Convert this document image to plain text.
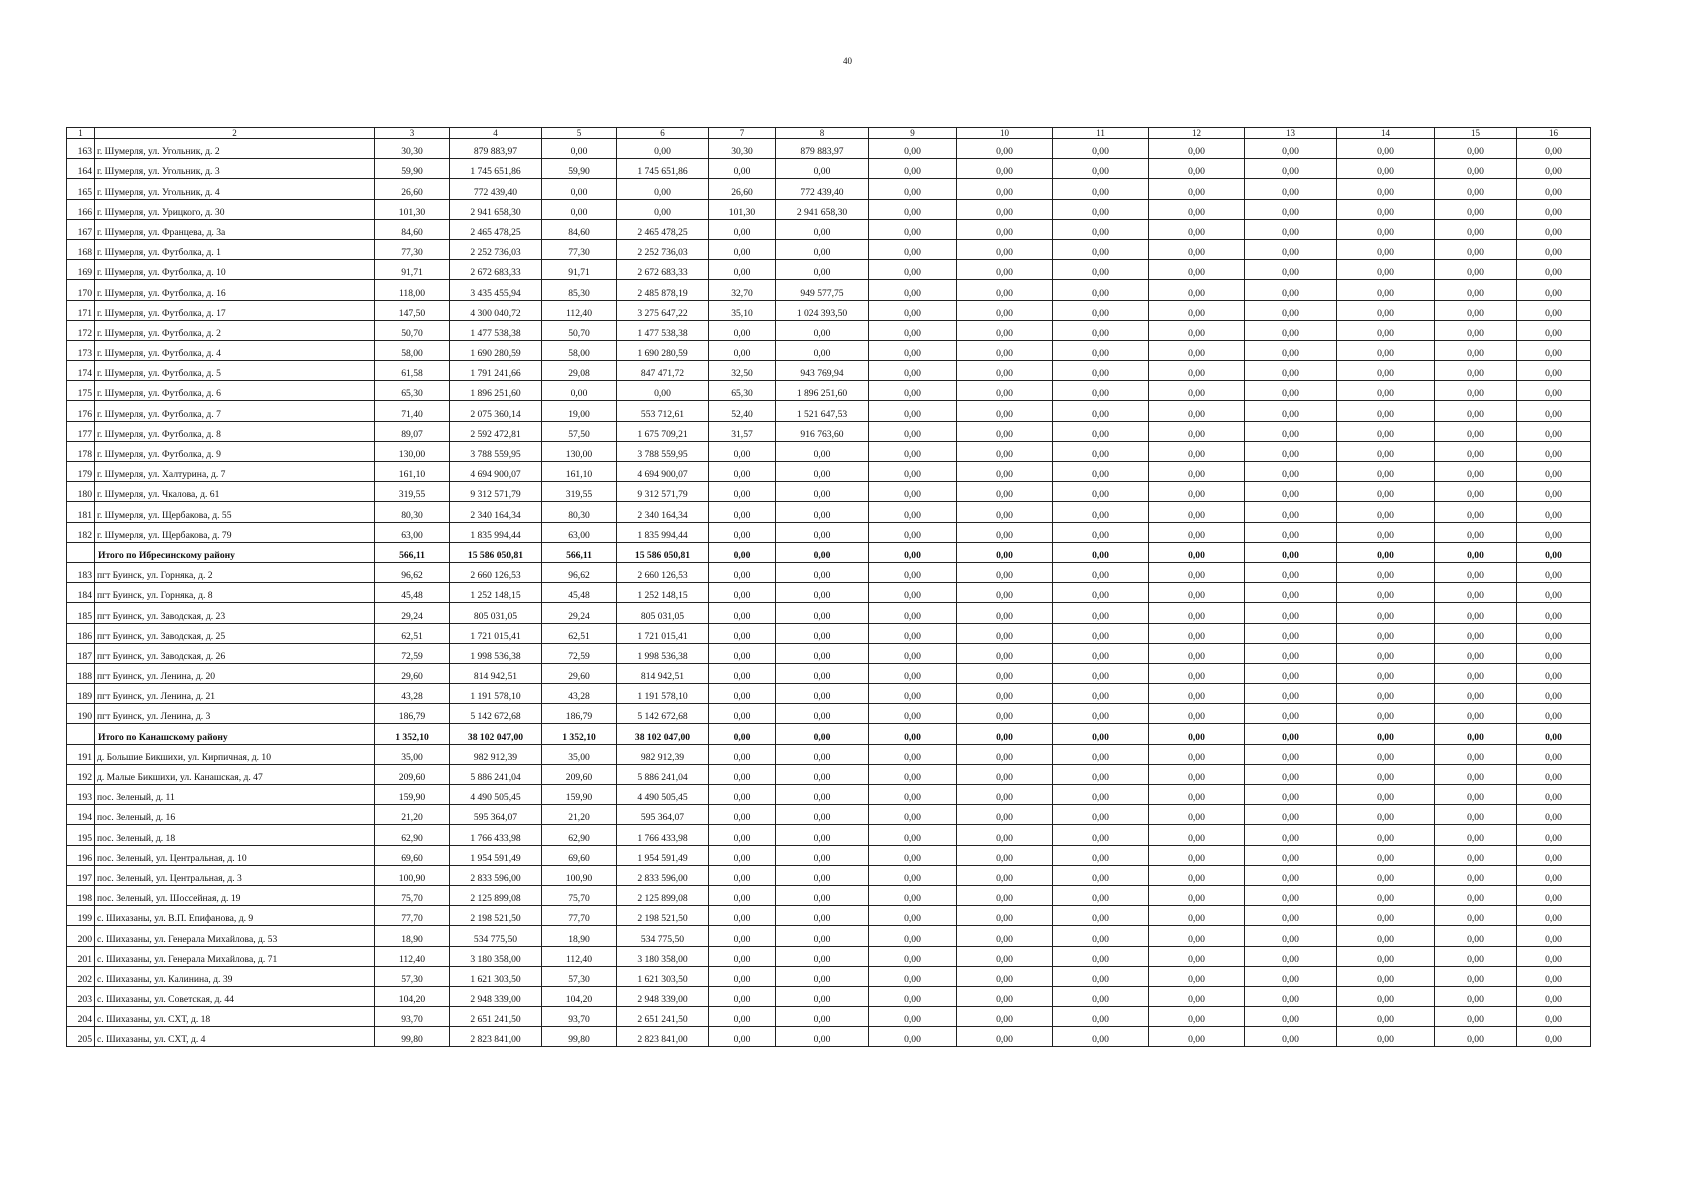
40
1	2	3	4	5	6	7	8	9	10	11	12	13	14	15	16
163	г. Шумерля, ул. Угольник, д. 2	30,30	879 883,97	0,00	0,00	30,30	879 883,97	0,00	0,00	0,00	0,00	0,00	0,00	0,00	0,00
164	г. Шумерля, ул. Угольник, д. 3	59,90	1 745 651,86	59,90	1 745 651,86	0,00	0,00	0,00	0,00	0,00	0,00	0,00	0,00	0,00	0,00
165	г. Шумерля, ул. Угольник, д. 4	26,60	772 439,40	0,00	0,00	26,60	772 439,40	0,00	0,00	0,00	0,00	0,00	0,00	0,00	0,00
166	г. Шумерля, ул. Урицкого, д. 30	101,30	2 941 658,30	0,00	0,00	101,30	2 941 658,30	0,00	0,00	0,00	0,00	0,00	0,00	0,00	0,00
167	г. Шумерля, ул. Францева, д. 3а	84,60	2 465 478,25	84,60	2 465 478,25	0,00	0,00	0,00	0,00	0,00	0,00	0,00	0,00	0,00	0,00
168	г. Шумерля, ул. Футболка, д. 1	77,30	2 252 736,03	77,30	2 252 736,03	0,00	0,00	0,00	0,00	0,00	0,00	0,00	0,00	0,00	0,00
169	г. Шумерля, ул. Футболка, д. 10	91,71	2 672 683,33	91,71	2 672 683,33	0,00	0,00	0,00	0,00	0,00	0,00	0,00	0,00	0,00	0,00
170	г. Шумерля, ул. Футболка, д. 16	118,00	3 435 455,94	85,30	2 485 878,19	32,70	949 577,75	0,00	0,00	0,00	0,00	0,00	0,00	0,00	0,00
171	г. Шумерля, ул. Футболка, д. 17	147,50	4 300 040,72	112,40	3 275 647,22	35,10	1 024 393,50	0,00	0,00	0,00	0,00	0,00	0,00	0,00	0,00
172	г. Шумерля, ул. Футболка, д. 2	50,70	1 477 538,38	50,70	1 477 538,38	0,00	0,00	0,00	0,00	0,00	0,00	0,00	0,00	0,00	0,00
173	г. Шумерля, ул. Футболка, д. 4	58,00	1 690 280,59	58,00	1 690 280,59	0,00	0,00	0,00	0,00	0,00	0,00	0,00	0,00	0,00	0,00
174	г. Шумерля, ул. Футболка, д. 5	61,58	1 791 241,66	29,08	847 471,72	32,50	943 769,94	0,00	0,00	0,00	0,00	0,00	0,00	0,00	0,00
175	г. Шумерля, ул. Футболка, д. 6	65,30	1 896 251,60	0,00	0,00	65,30	1 896 251,60	0,00	0,00	0,00	0,00	0,00	0,00	0,00	0,00
176	г. Шумерля, ул. Футболка, д. 7	71,40	2 075 360,14	19,00	553 712,61	52,40	1 521 647,53	0,00	0,00	0,00	0,00	0,00	0,00	0,00	0,00
177	г. Шумерля, ул. Футболка, д. 8	89,07	2 592 472,81	57,50	1 675 709,21	31,57	916 763,60	0,00	0,00	0,00	0,00	0,00	0,00	0,00	0,00
178	г. Шумерля, ул. Футболка, д. 9	130,00	3 788 559,95	130,00	3 788 559,95	0,00	0,00	0,00	0,00	0,00	0,00	0,00	0,00	0,00	0,00
179	г. Шумерля, ул. Халтурина, д. 7	161,10	4 694 900,07	161,10	4 694 900,07	0,00	0,00	0,00	0,00	0,00	0,00	0,00	0,00	0,00	0,00
180	г. Шумерля, ул. Чкалова, д. 61	319,55	9 312 571,79	319,55	9 312 571,79	0,00	0,00	0,00	0,00	0,00	0,00	0,00	0,00	0,00	0,00
181	г. Шумерля, ул. Щербакова, д. 55	80,30	2 340 164,34	80,30	2 340 164,34	0,00	0,00	0,00	0,00	0,00	0,00	0,00	0,00	0,00	0,00
182	г. Шумерля, ул. Щербакова, д. 79	63,00	1 835 994,44	63,00	1 835 994,44	0,00	0,00	0,00	0,00	0,00	0,00	0,00	0,00	0,00	0,00
	Итого по Ибресинскому району	566,11	15 586 050,81	566,11	15 586 050,81	0,00	0,00	0,00	0,00	0,00	0,00	0,00	0,00	0,00	0,00
183	пгт Буинск, ул. Горняка, д. 2	96,62	2 660 126,53	96,62	2 660 126,53	0,00	0,00	0,00	0,00	0,00	0,00	0,00	0,00	0,00	0,00
184	пгт Буинск, ул. Горняка, д. 8	45,48	1 252 148,15	45,48	1 252 148,15	0,00	0,00	0,00	0,00	0,00	0,00	0,00	0,00	0,00	0,00
185	пгт Буинск, ул. Заводская, д. 23	29,24	805 031,05	29,24	805 031,05	0,00	0,00	0,00	0,00	0,00	0,00	0,00	0,00	0,00	0,00
186	пгт Буинск, ул. Заводская, д. 25	62,51	1 721 015,41	62,51	1 721 015,41	0,00	0,00	0,00	0,00	0,00	0,00	0,00	0,00	0,00	0,00
187	пгт Буинск, ул. Заводская, д. 26	72,59	1 998 536,38	72,59	1 998 536,38	0,00	0,00	0,00	0,00	0,00	0,00	0,00	0,00	0,00	0,00
188	пгт Буинск, ул. Ленина, д. 20	29,60	814 942,51	29,60	814 942,51	0,00	0,00	0,00	0,00	0,00	0,00	0,00	0,00	0,00	0,00
189	пгт Буинск, ул. Ленина, д. 21	43,28	1 191 578,10	43,28	1 191 578,10	0,00	0,00	0,00	0,00	0,00	0,00	0,00	0,00	0,00	0,00
190	пгт Буинск, ул. Ленина, д. 3	186,79	5 142 672,68	186,79	5 142 672,68	0,00	0,00	0,00	0,00	0,00	0,00	0,00	0,00	0,00	0,00
	Итого по Канашскому району	1 352,10	38 102 047,00	1 352,10	38 102 047,00	0,00	0,00	0,00	0,00	0,00	0,00	0,00	0,00	0,00	0,00
191	д. Большие Бикшихи, ул. Кирпичная, д. 10	35,00	982 912,39	35,00	982 912,39	0,00	0,00	0,00	0,00	0,00	0,00	0,00	0,00	0,00	0,00
192	д. Малые Бикшихи, ул. Канашская, д. 47	209,60	5 886 241,04	209,60	5 886 241,04	0,00	0,00	0,00	0,00	0,00	0,00	0,00	0,00	0,00	0,00
193	пос. Зеленый, д. 11	159,90	4 490 505,45	159,90	4 490 505,45	0,00	0,00	0,00	0,00	0,00	0,00	0,00	0,00	0,00	0,00
194	пос. Зеленый, д. 16	21,20	595 364,07	21,20	595 364,07	0,00	0,00	0,00	0,00	0,00	0,00	0,00	0,00	0,00	0,00
195	пос. Зеленый, д. 18	62,90	1 766 433,98	62,90	1 766 433,98	0,00	0,00	0,00	0,00	0,00	0,00	0,00	0,00	0,00	0,00
196	пос. Зеленый, ул. Центральная, д. 10	69,60	1 954 591,49	69,60	1 954 591,49	0,00	0,00	0,00	0,00	0,00	0,00	0,00	0,00	0,00	0,00
197	пос. Зеленый, ул. Центральная, д. 3	100,90	2 833 596,00	100,90	2 833 596,00	0,00	0,00	0,00	0,00	0,00	0,00	0,00	0,00	0,00	0,00
198	пос. Зеленый, ул. Шоссейная, д. 19	75,70	2 125 899,08	75,70	2 125 899,08	0,00	0,00	0,00	0,00	0,00	0,00	0,00	0,00	0,00	0,00
199	с. Шихазаны, ул. В.П. Епифанова, д. 9	77,70	2 198 521,50	77,70	2 198 521,50	0,00	0,00	0,00	0,00	0,00	0,00	0,00	0,00	0,00	0,00
200	с. Шихазаны, ул. Генерала Михайлова, д. 53	18,90	534 775,50	18,90	534 775,50	0,00	0,00	0,00	0,00	0,00	0,00	0,00	0,00	0,00	0,00
201	с. Шихазаны, ул. Генерала Михайлова, д. 71	112,40	3 180 358,00	112,40	3 180 358,00	0,00	0,00	0,00	0,00	0,00	0,00	0,00	0,00	0,00	0,00
202	с. Шихазаны, ул. Калинина, д. 39	57,30	1 621 303,50	57,30	1 621 303,50	0,00	0,00	0,00	0,00	0,00	0,00	0,00	0,00	0,00	0,00
203	с. Шихазаны, ул. Советская, д. 44	104,20	2 948 339,00	104,20	2 948 339,00	0,00	0,00	0,00	0,00	0,00	0,00	0,00	0,00	0,00	0,00
204	с. Шихазаны, ул. СХТ, д. 18	93,70	2 651 241,50	93,70	2 651 241,50	0,00	0,00	0,00	0,00	0,00	0,00	0,00	0,00	0,00	0,00
205	с. Шихазаны, ул. СХТ, д. 4	99,80	2 823 841,00	99,80	2 823 841,00	0,00	0,00	0,00	0,00	0,00	0,00	0,00	0,00	0,00	0,00
